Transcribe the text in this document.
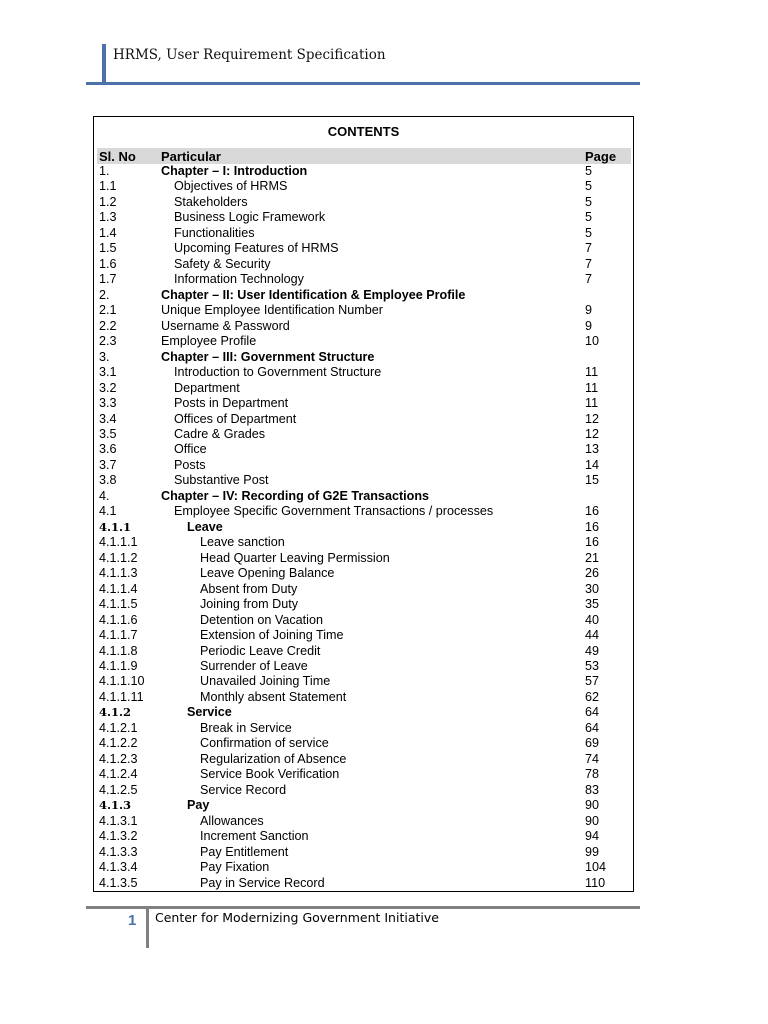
HRMS, User Requirement Specification
CONTENTS
Sl. No Particular	Page
1.	Chapter – I: Introduction	5
1.1	Objectives of HRMS	5
1.2	Stakeholders	5
1.3	Business Logic Framework	5
1.4	Functionalities	5
1.5	Upcoming Features of HRMS	7
1.6	Safety & Security	7
1.7	Information Technology	7
2.	Chapter – II: User Identification & Employee Profile
2.1	Unique Employee Identification Number	9
2.2	Username & Password	9
2.3	Employee Profile	10
3.	Chapter – III: Government Structure
3.1	Introduction to Government Structure	11
3.2	Department	11
3.3	Posts in Department	11
3.4	Offices of Department	12
3.5	Cadre & Grades	12
3.6	Office	13
3.7	Posts	14
3.8	Substantive Post	15
4.	Chapter – IV: Recording of G2E Transactions
4.1	Employee Specific Government Transactions / processes	16
4.1.1	Leave	16
4.1.1.1	Leave sanction	16
4.1.1.2	Head Quarter Leaving Permission	21
4.1.1.3	Leave Opening Balance	26
4.1.1.4	Absent from Duty	30
4.1.1.5	Joining from Duty	35
4.1.1.6	Detention on Vacation	40
4.1.1.7	Extension of Joining Time	44
4.1.1.8	Periodic Leave Credit	49
4.1.1.9	Surrender of Leave	53
4.1.1.10	Unavailed Joining Time	57
4.1.1.11	Monthly absent Statement	62
4.1.2	Service	64
4.1.2.1	Break in Service	64
4.1.2.2	Confirmation of service	69
4.1.2.3	Regularization of Absence	74
4.1.2.4	Service Book Verification	78
4.1.2.5	Service Record	83
4.1.3	Pay	90
4.1.3.1	Allowances	90
4.1.3.2	Increment Sanction	94
4.1.3.3	Pay Entitlement	99
4.1.3.4	Pay Fixation	104
4.1.3.5	Pay in Service Record	110
1 Center for Modernizing Government Initiative
